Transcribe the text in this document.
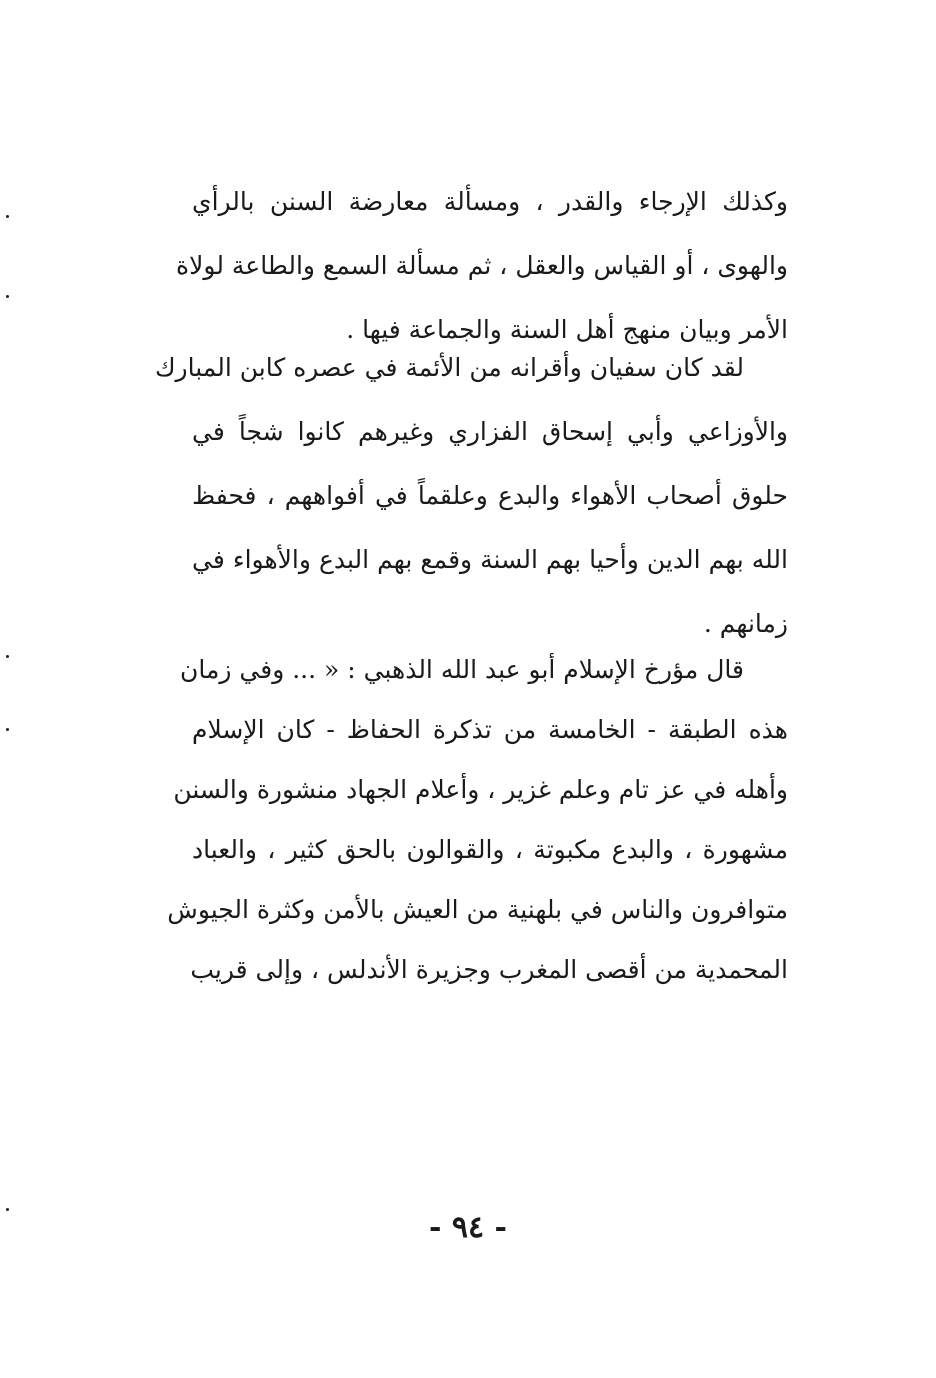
وكذلك الإرجاء والقدر ، ومسألة معارضة السنن بالرأي
والهوى ، أو القياس والعقل ، ثم مسألة السمع والطاعة لولاة
الأمر وبيان منهج أهل السنة والجماعة فيها .
لقد كان سفيان وأقرانه من الأئمة في عصره كابن المبارك
والأوزاعي وأبي إسحاق الفزاري وغيرهم كانوا شجاً في
حلوق أصحاب الأهواء والبدع وعلقماً في أفواههم ، فحفظ
الله بهم الدين وأحيا بهم السنة وقمع بهم البدع والأهواء في
زمانهم .
قال مؤرخ الإسلام أبو عبد الله الذهبي : « ... وفي زمان
هذه الطبقة - الخامسة من تذكرة الحفاظ - كان الإسلام
وأهله في عز تام وعلم غزير ، وأعلام الجهاد منشورة والسنن
مشهورة ، والبدع مكبوتة ، والقوالون بالحق كثير ، والعباد
متوافرون والناس في بلهنية من العيش بالأمن وكثرة الجيوش
المحمدية من أقصى المغرب وجزيرة الأندلس ، وإلى قريب
- ٩٤ -
